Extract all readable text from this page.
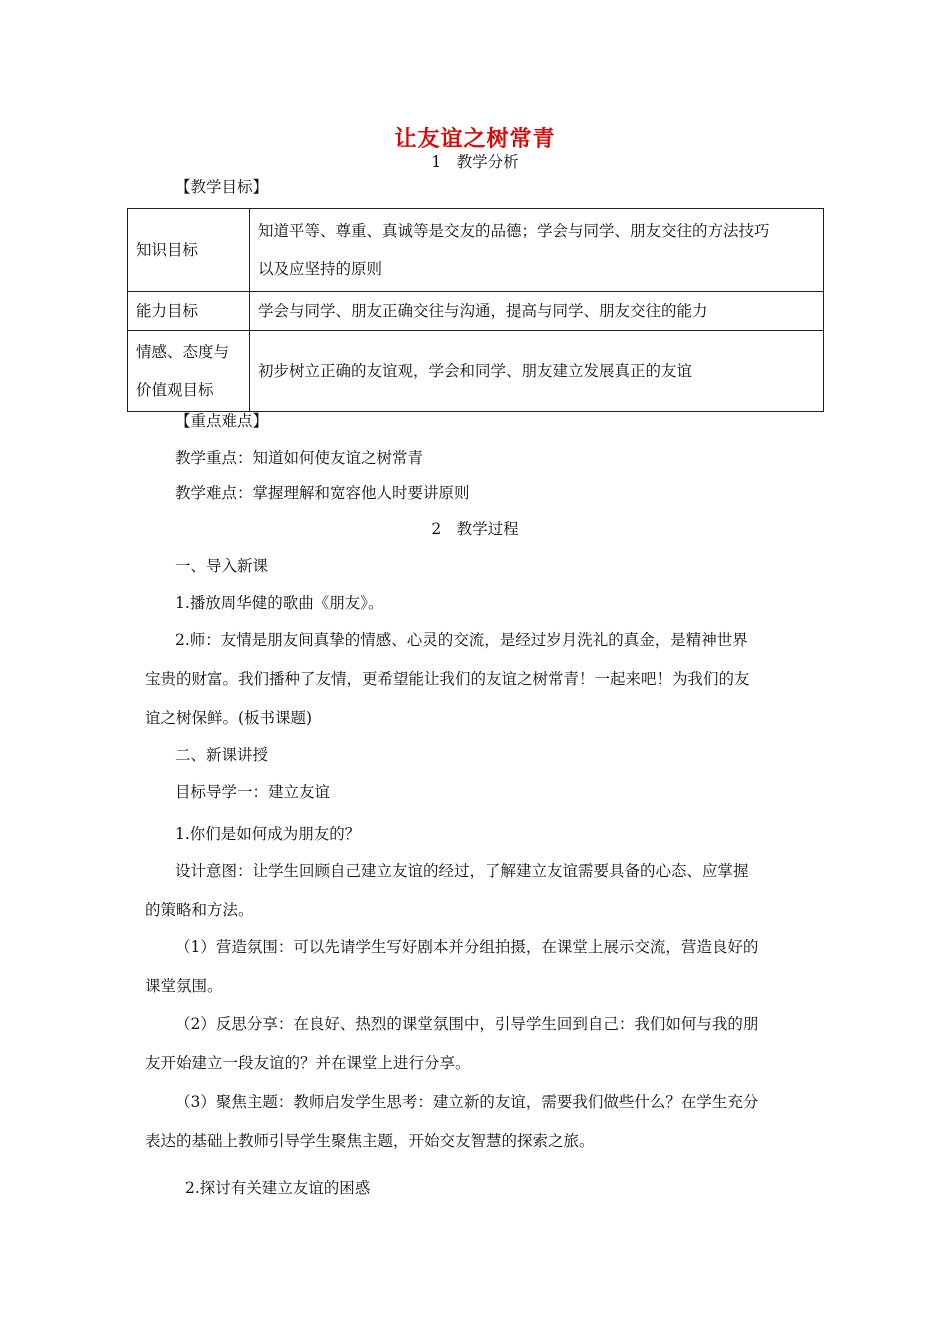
让友谊之树常青
1　教学分析
【教学目标】
知识目标	知道平等、尊重、真诚等是交友的品德；学会与同学、朋友交往的方法技巧
以及应坚持的原则

能力目标	学会与同学、朋友正确交往与沟通，提高与同学、朋友交往的能力

情感、态度与
价值观目标	初步树立正确的友谊观，学会和同学、朋友建立发展真正的友谊
【重点难点】
教学重点：知道如何使友谊之树常青
教学难点：掌握理解和宽容他人时要讲原则
2　教学过程
一、导入新课
1.播放周华健的歌曲《朋友》。
2.师：友情是朋友间真挚的情感、心灵的交流，是经过岁月洗礼的真金，是精神世界
宝贵的财富。我们播种了友情，更希望能让我们的友谊之树常青！一起来吧！为我们的友
谊之树保鲜。(板书课题)
二、新课讲授
目标导学一：建立友谊
1.你们是如何成为朋友的？
设计意图：让学生回顾自己建立友谊的经过，了解建立友谊需要具备的心态、应掌握
的策略和方法。
（1）营造氛围：可以先请学生写好剧本并分组拍摄，在课堂上展示交流，营造良好的
课堂氛围。
（2）反思分享：在良好、热烈的课堂氛围中，引导学生回到自己：我们如何与我的朋
友开始建立一段友谊的？并在课堂上进行分享。
（3）聚焦主题：教师启发学生思考：建立新的友谊，需要我们做些什么？在学生充分
表达的基础上教师引导学生聚焦主题，开始交友智慧的探索之旅。
2.探讨有关建立友谊的困惑
